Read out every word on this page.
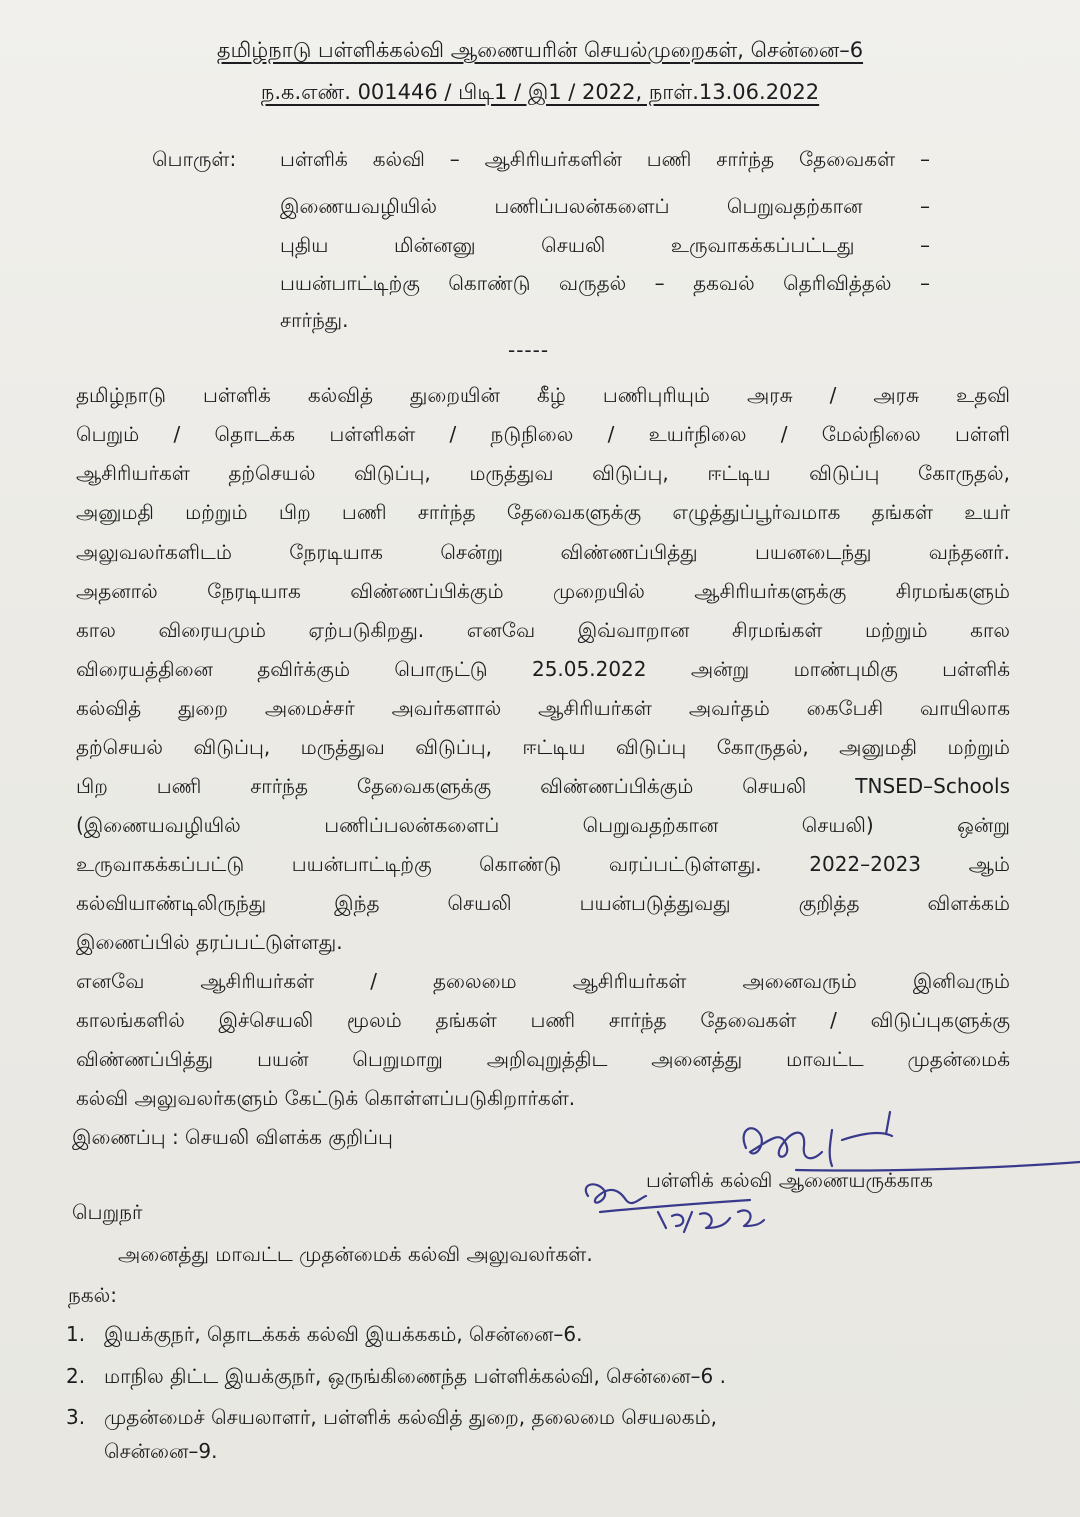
தமிழ்நாடு பள்ளிக்கல்வி ஆணையரின் செயல்முறைகள், சென்னை–6
ந.க.எண். 001446 / பிடி1 / இ1 / 2022, நாள்.13.06.2022
பொருள்: பள்ளிக் கல்வி – ஆசிரியர்களின் பணி சார்ந்த தேவைகள் –
இணையவழியில் பணிப்பலன்களைப் பெறுவதற்கான –
புதிய மின்னனு செயலி உருவாகக்கப்பட்டது –
பயன்பாட்டிற்கு கொண்டு வருதல் – தகவல் தெரிவித்தல் –
சார்ந்து.
-----
தமிழ்நாடு பள்ளிக் கல்வித் துறையின் கீழ் பணிபுரியும் அரசு / அரசு உதவி
பெறும் / தொடக்க பள்ளிகள் / நடுநிலை / உயர்நிலை / மேல்நிலை பள்ளி
ஆசிரியர்கள் தற்செயல் விடுப்பு, மருத்துவ விடுப்பு, ஈட்டிய விடுப்பு கோருதல்,
அனுமதி மற்றும் பிற பணி சார்ந்த தேவைகளுக்கு எழுத்துப்பூர்வமாக தங்கள் உயர்
அலுவலர்களிடம் நேரடியாக சென்று விண்ணப்பித்து பயனடைந்து வந்தனர்.
அதனால் நேரடியாக விண்ணப்பிக்கும் முறையில் ஆசிரியர்களுக்கு சிரமங்களும்
கால விரையமும் ஏற்படுகிறது. எனவே இவ்வாறான சிரமங்கள் மற்றும் கால
விரையத்தினை தவிர்க்கும் பொருட்டு 25.05.2022 அன்று மாண்புமிகு பள்ளிக்
கல்வித் துறை அமைச்சர் அவர்களால் ஆசிரியர்கள் அவர்தம் கைபேசி வாயிலாக
தற்செயல் விடுப்பு, மருத்துவ விடுப்பு, ஈட்டிய விடுப்பு கோருதல், அனுமதி மற்றும்
பிற பணி சார்ந்த தேவைகளுக்கு விண்ணப்பிக்கும் செயலி TNSED–Schools
(இணையவழியில் பணிப்பலன்களைப் பெறுவதற்கான செயலி) ஒன்று
உருவாகக்கப்பட்டு பயன்பாட்டிற்கு கொண்டு வரப்பட்டுள்ளது. 2022–2023 ஆம்
கல்வியாண்டிலிருந்து இந்த செயலி பயன்படுத்துவது குறித்த விளக்கம்
இணைப்பில் தரப்பட்டுள்ளது.
எனவே ஆசிரியர்கள் / தலைமை ஆசிரியர்கள் அனைவரும் இனிவரும்
காலங்களில் இச்செயலி மூலம் தங்கள் பணி சார்ந்த தேவைகள் / விடுப்புகளுக்கு
விண்ணப்பித்து பயன் பெறுமாறு அறிவுறுத்திட அனைத்து மாவட்ட முதன்மைக்
கல்வி அலுவலர்களும் கேட்டுக் கொள்ளப்படுகிறார்கள்.
இணைப்பு : செயலி விளக்க குறிப்பு
பள்ளிக் கல்வி ஆணையருக்காக
பெறுநர்
அனைத்து மாவட்ட முதன்மைக் கல்வி அலுவலர்கள்.
நகல்:
1. இயக்குநர், தொடக்கக் கல்வி இயக்ககம், சென்னை–6.
2. மாநில திட்ட இயக்குநர், ஒருங்கிணைந்த பள்ளிக்கல்வி, சென்னை–6 .
3. முதன்மைச் செயலாளர், பள்ளிக் கல்வித் துறை, தலைமை செயலகம்,
சென்னை–9.
